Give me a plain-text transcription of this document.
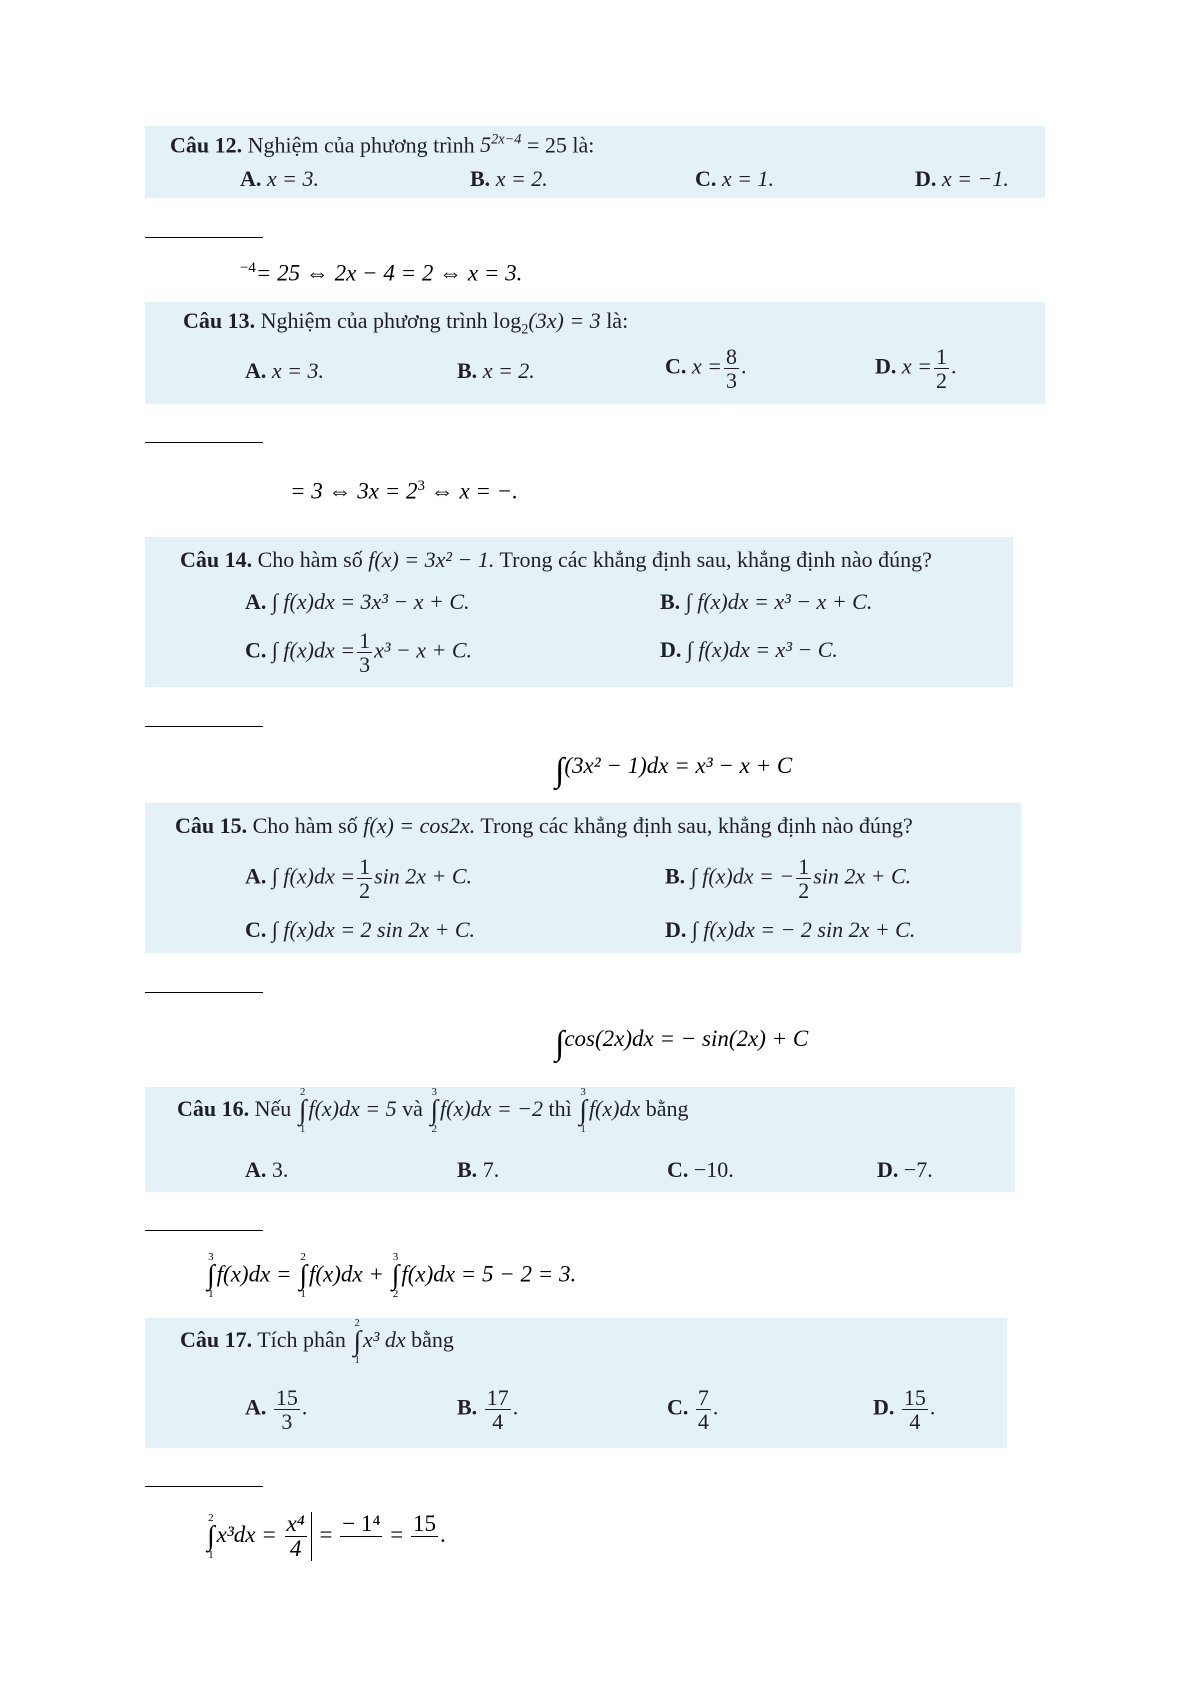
Câu 12. Nghiệm của phương trình $5^{2x-4} = 25$ là:
A. x = 3.	B. x = 2.	C. x = 1.	D. x = −1.
$^{-4}$= 25 ⇔ 2x − 4 = 2 ⇔ x = 3.
Câu 13. Nghiệm của phương trình $\log_2(3x) = 3$ là:
A. x = 3.	B. x = 2.	C. $x = \frac{8}{3}$ .	D. $x = \frac{1}{2}$ .
= 3 ⇔ $3x = 2^3$ ⇔ x = −.
Câu 14. Cho hàm số f(x) = 3x² − 1. Trong các khẳng định sau, khẳng định nào đúng?
A. ∫ f(x)dx = 3x³ − x + C.	B. ∫ f(x)dx = x³ − x + C.
C. ∫ $f(x)dx = \frac{1}{3} x^3 - x + C$.	D. ∫ f(x)dx = x³ − C.
∫(3x² − 1)dx = x³ − x + C
Câu 15. Cho hàm số f(x) = cos2x. Trong các khẳng định sau, khẳng định nào đúng?
A. ∫ $f(x)dx = \frac{1}{2}$ sin 2x + C.	B. ∫ f(x)dx = − $\frac{1}{2}$ sin 2x + C.
C. ∫ f(x)dx = 2 sin 2x + C.	D. ∫ f(x)dx = − 2 sin 2x + C.
∫cos(2x)dx = − sin(2x) + C
Câu 16. Nếu
2
∫
1
f(x)dx = 5 và
3
∫
2
f(x)dx = −2 thì
3
∫
1
f(x)dx bằng
A. 3.	B. 7.	C. −10.	D. −7.
3
∫
1
f(x)dx =
2
∫
1
f(x)dx +
3
∫
2
f(x)dx = 5 − 2 = 3.
Câu 17. Tích phân
2
∫
1
x³ dx bằng
A. $\frac{15}{3}$ .	B. $\frac{17}{4}$ .	C. $\frac{7}{4}$ .	D. $\frac{15}{4}$ .
2
∫
1
$x^3dx = \frac{\text{x⁴}}{4}$ = − 1⁴
= 15
.
